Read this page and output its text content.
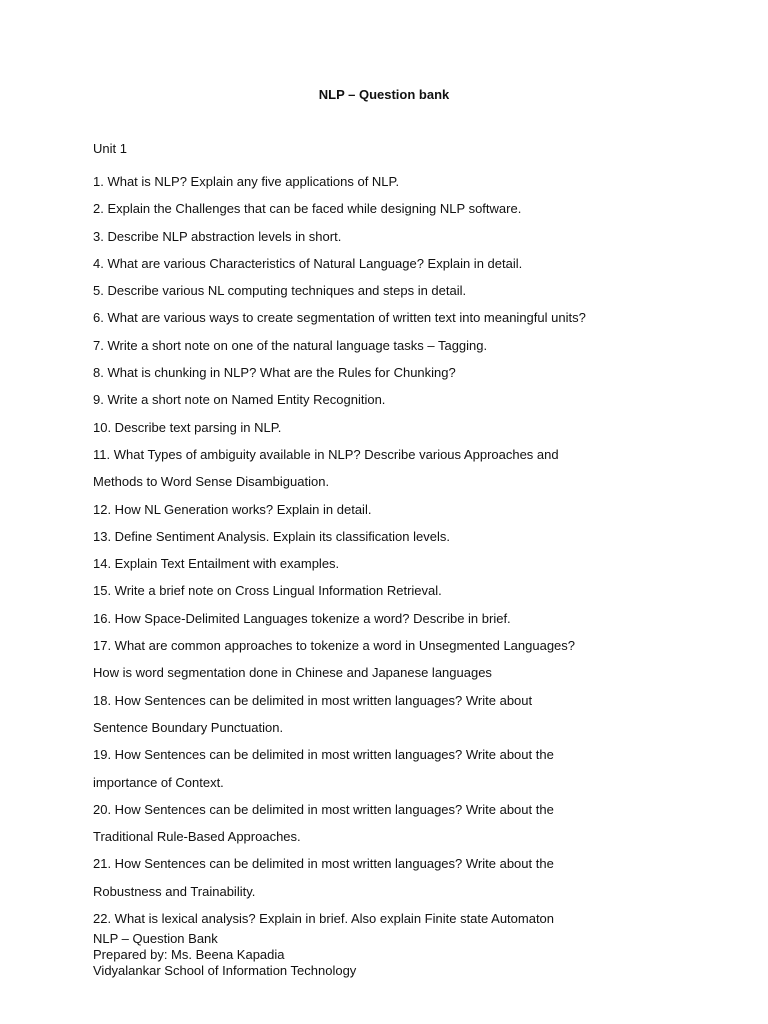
NLP – Question bank
Unit 1
1. What is NLP? Explain any five applications of NLP.
2. Explain the Challenges that can be faced while designing NLP software.
3. Describe NLP abstraction levels in short.
4. What are various Characteristics of Natural Language? Explain in detail.
5. Describe various NL computing techniques and steps in detail.
6. What are various ways to create segmentation of written text into meaningful units?
7. Write a short note on one of the natural language tasks – Tagging.
8. What is chunking in NLP? What are the Rules for Chunking?
9. Write a short note on Named Entity Recognition.
10. Describe text parsing in NLP.
11. What Types of ambiguity available in NLP? Describe various Approaches and
Methods to Word Sense Disambiguation.
12. How NL Generation works? Explain in detail.
13. Define Sentiment Analysis. Explain its classification levels.
14. Explain Text Entailment with examples.
15. Write a brief note on Cross Lingual Information Retrieval.
16. How Space-Delimited Languages tokenize a word? Describe in brief.
17. What are common approaches to tokenize a word in Unsegmented Languages?
How is word segmentation done in Chinese and Japanese languages
18. How Sentences can be delimited in most written languages? Write about
Sentence Boundary Punctuation.
19. How Sentences can be delimited in most written languages? Write about the
importance of Context.
20. How Sentences can be delimited in most written languages? Write about the
Traditional Rule-Based Approaches.
21. How Sentences can be delimited in most written languages? Write about the
Robustness and Trainability.
22. What is lexical analysis? Explain in brief. Also explain Finite state Automaton
NLP – Question Bank
Prepared by: Ms. Beena Kapadia
Vidyalankar School of Information Technology
